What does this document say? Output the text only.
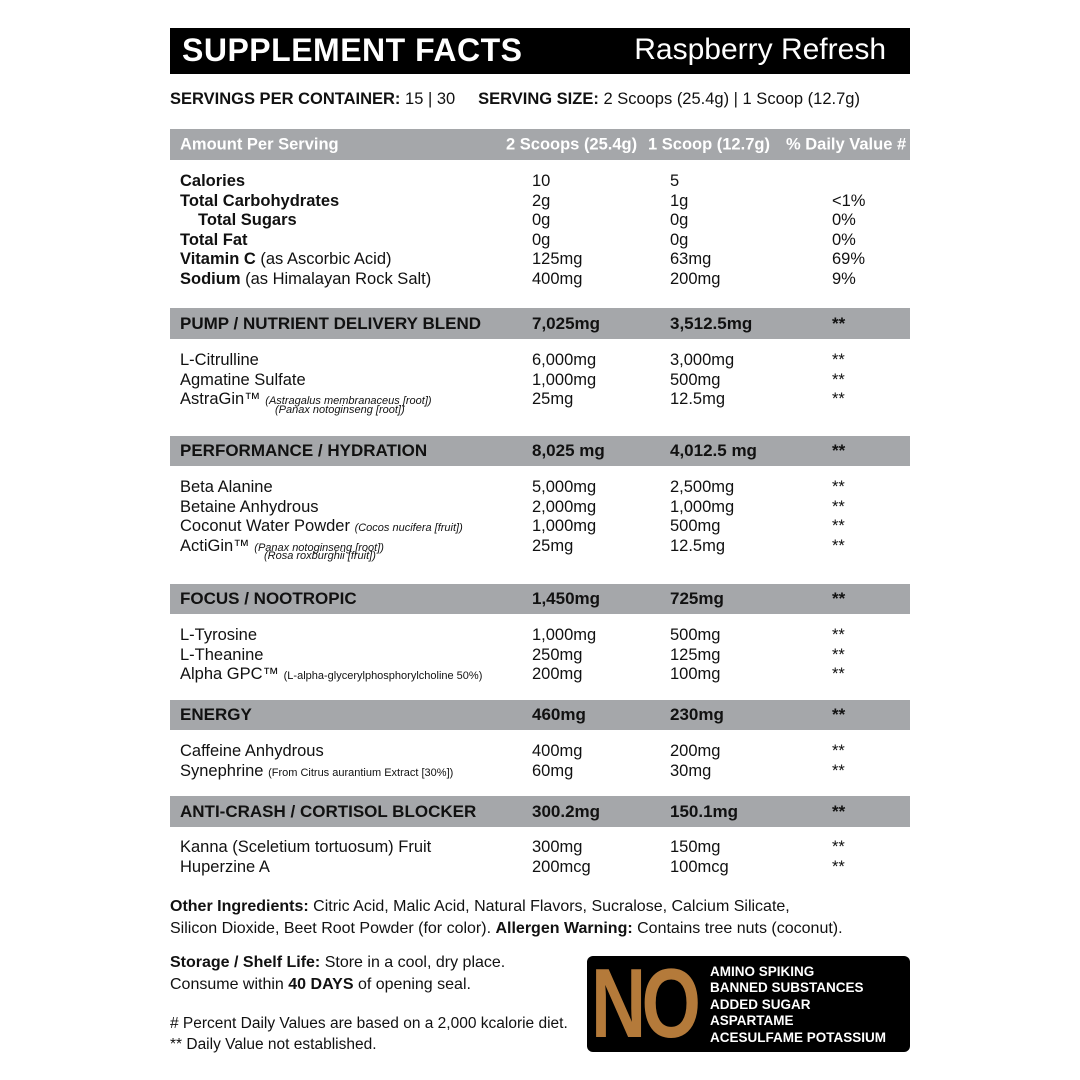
SUPPLEMENT FACTS	Raspberry Refresh
SERVINGS PER CONTAINER: 15 | 30 SERVING SIZE: 2 Scoops (25.4g) | 1 Scoop (12.7g)
Amount Per Serving	2 Scoops (25.4g) 1 Scoop (12.7g) % Daily Value #
Calories	10	5
Total Carbohydrates	2g	1g	<1%
Total Sugars	0g	0g	0%
Total Fat	0g	0g	0%
Vitamin C (as Ascorbic Acid)	125mg	63mg	69%
Sodium (as Himalayan Rock Salt)	400mg	200mg	9%
PUMP / NUTRIENT DELIVERY BLEND	7,025mg	3,512.5mg	**
L-Citrulline	6,000mg	3,000mg	**
Agmatine Sulfate	1,000mg	500mg	**
AstraGin™ (Astragalus membranaceus [root])	25mg	12.5mg	**
(Panax notoginseng [root])
PERFORMANCE / HYDRATION	8,025 mg	4,012.5 mg	**
Beta Alanine	5,000mg	2,500mg	**
Betaine Anhydrous	2,000mg	1,000mg	**
Coconut Water Powder (Cocos nucifera [fruit])	1,000mg	500mg	**
ActiGin™ (Panax notoginseng [root])	25mg	12.5mg	**
(Rosa roxburghii [fruit])
FOCUS / NOOTROPIC	1,450mg	725mg	**
L-Tyrosine	1,000mg	500mg	**
L-Theanine	250mg	125mg	**
Alpha GPC™ (L-alpha-glycerylphosphorylcholine 50%)	200mg	100mg	**
ENERGY	460mg	230mg	**
Caffeine Anhydrous	400mg	200mg	**
Synephrine (From Citrus aurantium Extract [30%])	60mg	30mg	**
ANTI-CRASH / CORTISOL BLOCKER	300.2mg	150.1mg	**
Kanna (Sceletium tortuosum) Fruit	300mg	150mg	**
Huperzine A	200mcg	100mcg	**
Other Ingredients: Citric Acid, Malic Acid, Natural Flavors, Sucralose, Calcium Silicate,
Silicon Dioxide, Beet Root Powder (for color). Allergen Warning: Contains tree nuts (coconut).
Storage / Shelf Life: Store in a cool, dry place.
Consume within 40 DAYS of opening seal.
# Percent Daily Values are based on a 2,000 kcalorie diet.
** Daily Value not established.	NO AMINO SPIKING
BANNED SUBSTANCES
ADDED SUGAR
ASPARTAME
ACESULFAME POTASSIUM
